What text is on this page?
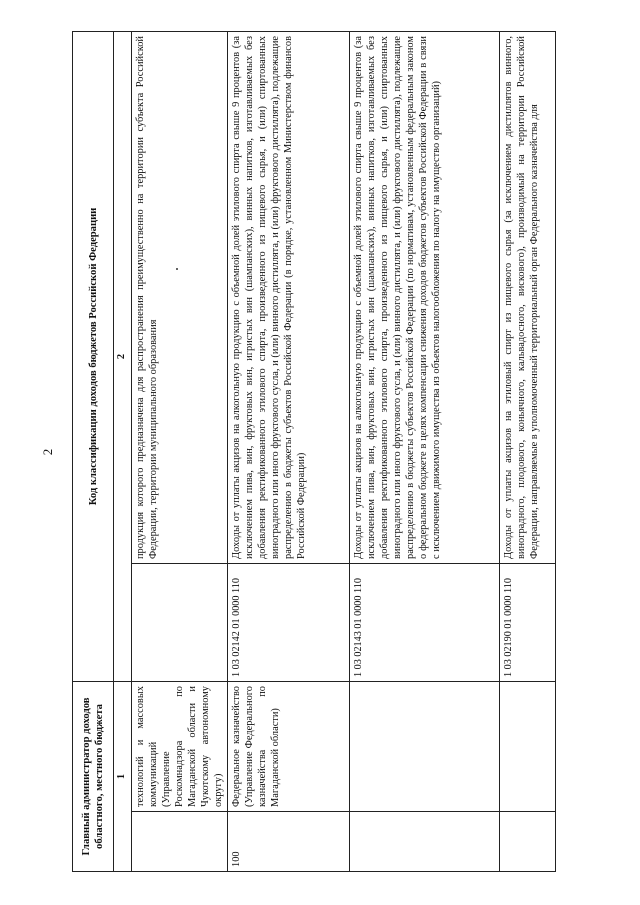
2
Главный администратор доходов областного, местного бюджета		Код классификации доходов бюджетов Российской Федерации	
1		2	
	технологий и массовых коммуникаций (Управление Роскомнадзора по Магаданской области и Чукотскому автономному округу)		продукция которого предназначена для распространения преимущественно на территории субъекта Российской Федерации, территории муниципального образования
100	Федеральное казначейство (Управление Федерального казначейства по Магаданской области)	1 03 02142 01 0000 110	Доходы от уплаты акцизов на алкогольную продукцию с объемной долей этилового спирта свыше 9 процентов (за исключением пива, вин, фруктовых вин, игристых вин (шампанских), винных напитков, изготавливаемых без добавления ректификованного этилового спирта, произведенного из пищевого сырья, и (или) спиртованных виноградного или иного фруктового сусла, и (или) винного дистиллята, и (или) фруктового дистиллята), подлежащие распределению в бюджеты субъектов Российской Федерации (в порядке, установленном Министерством финансов Российской Федерации)
		1 03 02143 01 0000 110	Доходы от уплаты акцизов на алкогольную продукцию с объемной долей этилового спирта свыше 9 процентов (за исключением пива, вин, фруктовых вин, игристых вин (шампанских), винных напитков, изготавливаемых без добавления ректификованного этилового спирта, произведенного из пищевого сырья, и (или) спиртованных виноградного или иного фруктового сусла, и (или) винного дистиллята, и (или) фруктового дистиллята), подлежащие распределению в бюджеты субъектов Российской Федерации (по нормативам, установленным федеральным законом о федеральном бюджете в целях компенсации снижения доходов бюджетов субъектов Российской Федерации в связи с исключением движимого имущества из объектов налогообложения по налогу на имущество организаций)
		1 03 02190 01 0000 110	Доходы от уплаты акцизов на этиловый спирт из пищевого сырья (за исключением дистиллятов винного, виноградного, плодового, коньячного, кальвадосного, вискового), производимый на территории Российской Федерации, направляемые в уполномоченный территориальный орган Федерального казначейства для
